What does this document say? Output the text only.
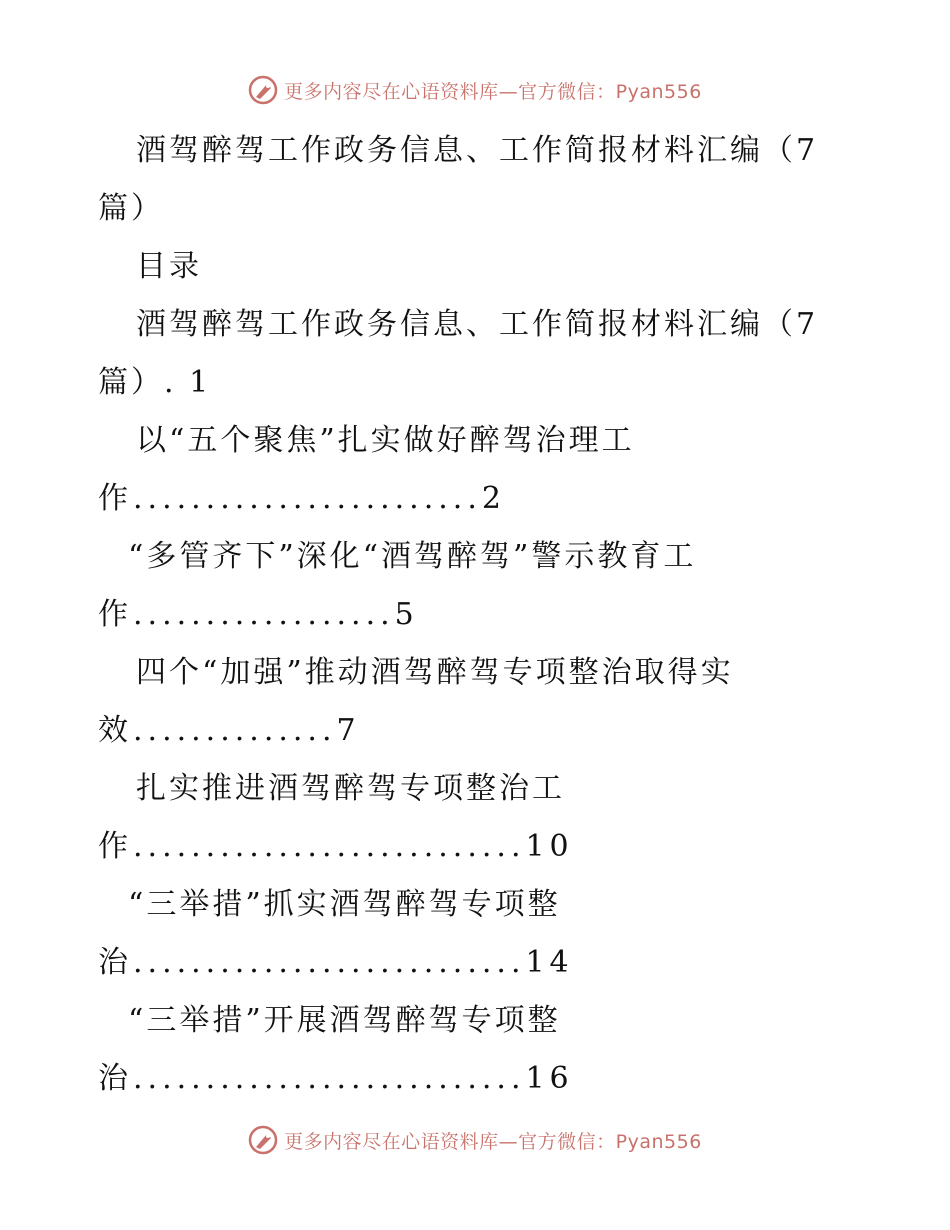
更多内容尽在心语资料库—官方微信：Pyan556
酒驾醉驾工作政务信息、工作简报材料汇编（7
篇）
目录
酒驾醉驾工作政务信息、工作简报材料汇编（7
篇）. 1
以“五个聚焦”扎实做好醉驾治理工
作........................2
“多管齐下”深化“酒驾醉驾”警示教育工
作..................5
四个“加强”推动酒驾醉驾专项整治取得实
效..............7
扎实推进酒驾醉驾专项整治工
作...........................10
“三举措”抓实酒驾醉驾专项整
治...........................14
“三举措”开展酒驾醉驾专项整
治...........................16
更多内容尽在心语资料库—官方微信：Pyan556
